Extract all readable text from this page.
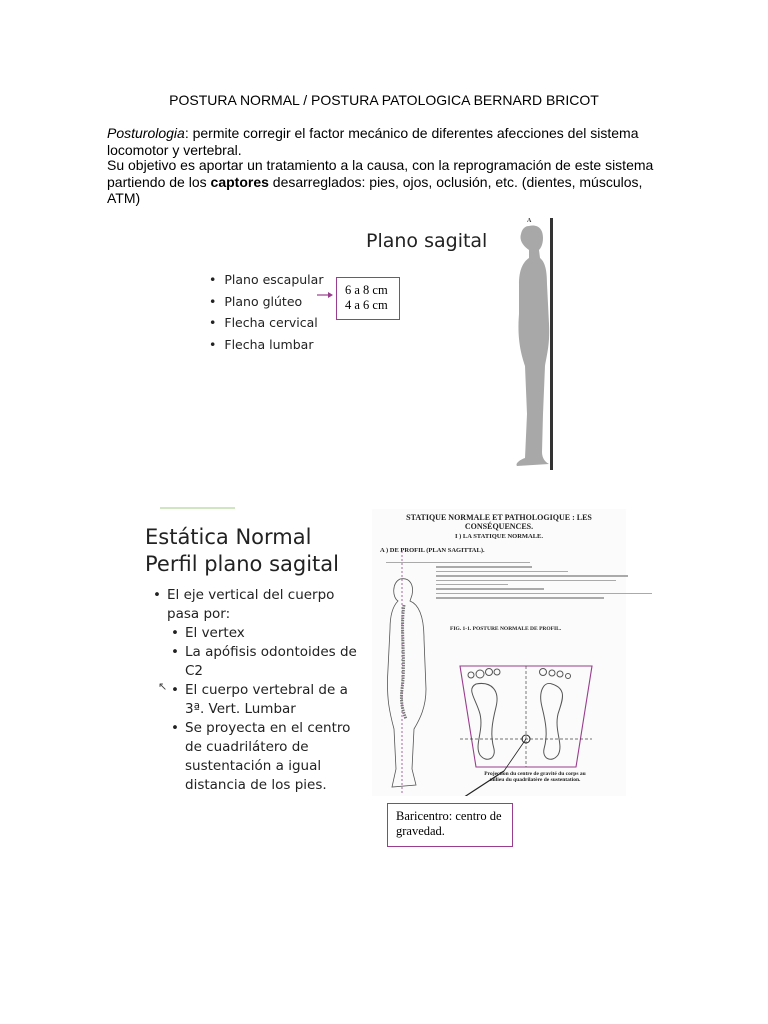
POSTURA NORMAL / POSTURA PATOLOGICA BERNARD BRICOT
Posturologia: permite corregir el factor mecánico de diferentes afecciones del sistema locomotor y vertebral.
Su objetivo es aportar un tratamiento a la causa, con la reprogramación de este sistema partiendo de los captores desarreglados: pies, ojos, oclusión, etc. (dientes, músculos, ATM)
Plano sagital
• Plano escapular
• Plano glúteo
• Flecha cervical
• Flecha lumbar
6 a 8 cm
4 a 6 cm
A
Estática Normal
Perfil plano sagital
• El eje vertical del cuerpo pasa por:
• El vertex
• La apófisis odontoides de C2
• El cuerpo vertebral de a 3ª. Vert. Lumbar
• Se proyecta en el centro de cuadrilátero de sustentación a igual distancia de los pies.
↖
STATIQUE NORMALE ET PATHOLOGIQUE : LES CONSÉQUENCES.
I ) LA STATIQUE NORMALE.
A ) DE PROFIL (PLAN SAGITTAL).
FIG. 1-1. POSTURE NORMALE DE PROFIL.
Projection du centre de gravité du corps au milieu du quadrilatère de sustentation.
Baricentro: centro de gravedad.
